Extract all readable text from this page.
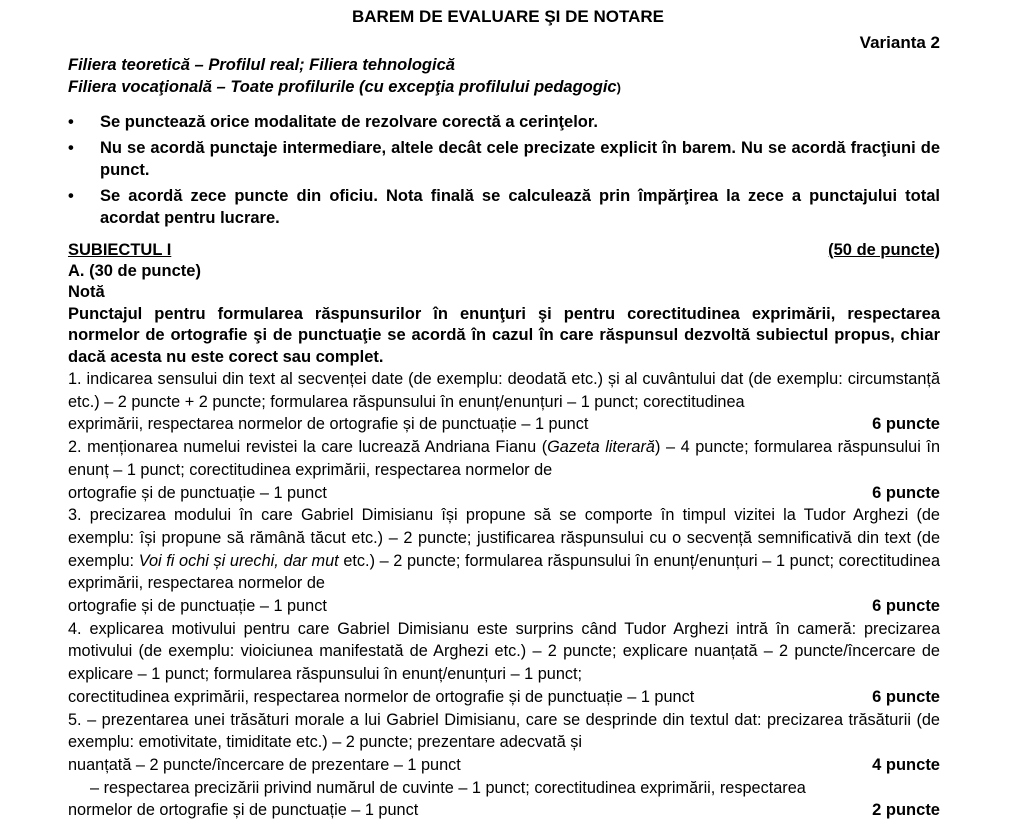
BAREM DE EVALUARE ŞI DE NOTARE
Varianta 2
Filiera teoretică – Profilul real; Filiera tehnologică
Filiera vocaţională – Toate profilurile (cu excepţia profilului pedagogic)
•	Se punctează orice modalitate de rezolvare corectă a cerinţelor.
•	Nu se acordă punctaje intermediare, altele decât cele precizate explicit în barem. Nu se acordă fracţiuni de punct.
•	Se acordă zece puncte din oficiu. Nota finală se calculează prin împărţirea la zece a punctajului total acordat pentru lucrare.
SUBIECTUL I	(50 de puncte)
A. (30 de puncte)
Notă
Punctajul pentru formularea răspunsurilor în enunţuri şi pentru corectitudinea exprimării, respectarea normelor de ortografie şi de punctuaţie se acordă în cazul în care răspunsul dezvoltă subiectul propus, chiar dacă acesta nu este corect sau complet.
1. indicarea sensului din text al secvenței date (de exemplu: deodată etc.) și al cuvântului dat (de exemplu: circumstanță etc.) – 2 puncte + 2 puncte; formularea răspunsului în enunț/enunțuri – 1 punct; corectitudinea
exprimării, respectarea normelor de ortografie și de punctuație – 1 punct	6 puncte
2. menționarea numelui revistei la care lucrează Andriana Fianu (Gazeta literară) – 4 puncte; formularea răspunsului în enunț – 1 punct; corectitudinea exprimării, respectarea normelor de
ortografie și de punctuație – 1 punct	6 puncte
3. precizarea modului în care Gabriel Dimisianu își propune să se comporte în timpul vizitei la Tudor Arghezi (de exemplu: își propune să rămână tăcut etc.) – 2 puncte; justificarea răspunsului cu o secvență semnificativă din text (de exemplu: Voi fi ochi și urechi, dar mut etc.) – 2 puncte; formularea răspunsului în enunț/enunțuri – 1 punct; corectitudinea exprimării, respectarea normelor de
ortografie și de punctuație – 1 punct	6 puncte
4. explicarea motivului pentru care Gabriel Dimisianu este surprins când Tudor Arghezi intră în cameră: precizarea motivului (de exemplu: vioiciunea manifestată de Arghezi etc.) – 2 puncte; explicare nuanțată – 2 puncte/încercare de explicare – 1 punct; formularea răspunsului în enunț/enunțuri – 1 punct;
corectitudinea exprimării, respectarea normelor de ortografie și de punctuație – 1 punct	6 puncte
5. – prezentarea unei trăsături morale a lui Gabriel Dimisianu, care se desprinde din textul dat: precizarea trăsăturii (de exemplu: emotivitate, timiditate etc.) – 2 puncte; prezentare adecvată și
nuanțată – 2 puncte/încercare de prezentare – 1 punct	4 puncte
– respectarea precizării privind numărul de cuvinte – 1 punct; corectitudinea exprimării, respectarea
normelor de ortografie și de punctuație – 1 punct	2 puncte
